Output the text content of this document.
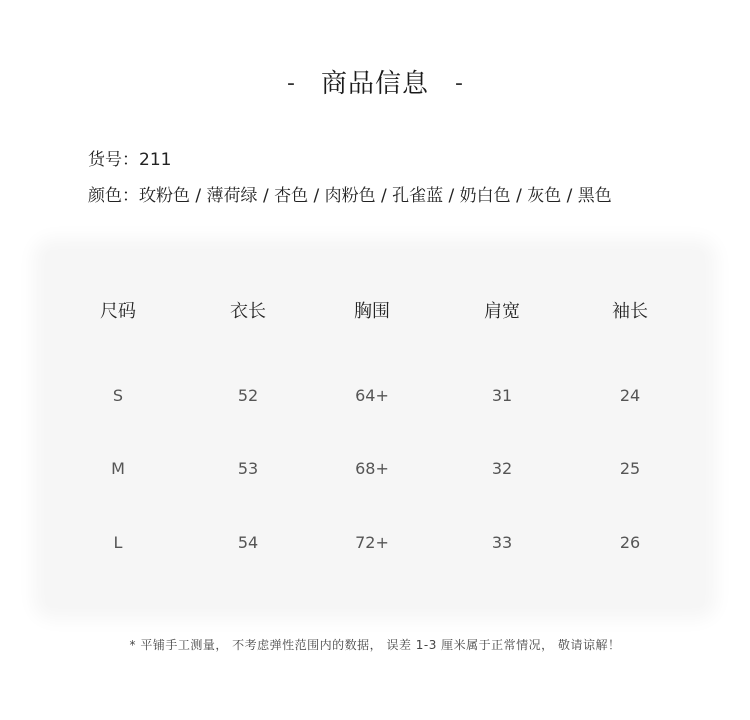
- 商品信息 -
货号 ： 211
颜色 ： 玫粉色 / 薄荷绿 / 杏色 / 肉粉色 / 孔雀蓝 / 奶白色 / 灰色 / 黑色
尺码	衣长	胸围	肩宽	袖长
S	52	64+	31	24
M	53	68+	32	25
L	54	72+	33	26
* 平铺手工测量， 不考虑弹性范围内的数据， 误差 1-3 厘米属于正常情况， 敬请谅解！
